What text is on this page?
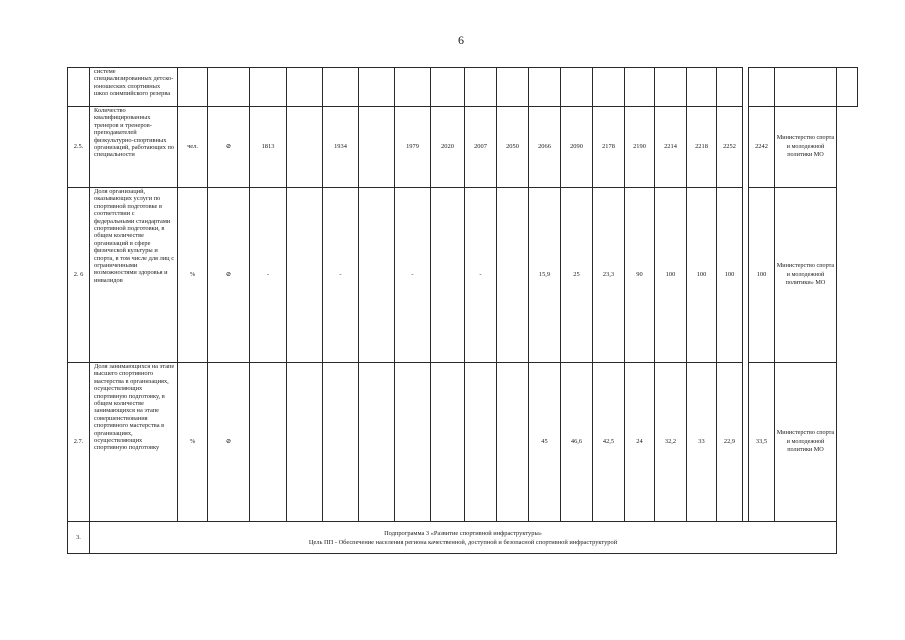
6
	системе специализированных детско-юношеских спортивных школ олимпийского резерва																					
2.5.	Количество квалифицированных тренеров и тренеров-преподавателей физкультурно-спортивных организаций, работающих по специальности	чел.	⊘	1813		1934		1979	2020	2007	2050	2066	2090	2178	2190	2214	2218	2252		2242	Министерство спорта и молодежной политики МО	
2. 6	Доля организаций, оказывающих услуги по спортивной подготовке в соответствии с федеральными стандартами спортивной подготовки, в общем количестве организаций в сфере физической культуры и спорта, в том числе для лиц с ограниченными возможностями здоровья и инвалидов	%	⊘	-		-		-		-		15,9	25	23,3	90	100	100	100		100	Министерство спорта и молодежной политики» МО	
2.7.	Доля занимающихся на этапе высшего спортивного мастерства в организациях, осуществляющих спортивную подготовку, в общем количестве занимающихся на этапе совершенствования спортивного мастерства в организациях, осуществляющих спортивную подготовку	%	⊘									45	46,6	42,5	24	32,2	33	22,9		33,5	Министерство спорта и молодежной политики МО	
3.	Подпрограмма 3 «Развитие спортивной инфраструктуры»
Цель ПП - Обеспечение населения региона качественной, доступной и безопасной спортивной инфраструктурой																					
